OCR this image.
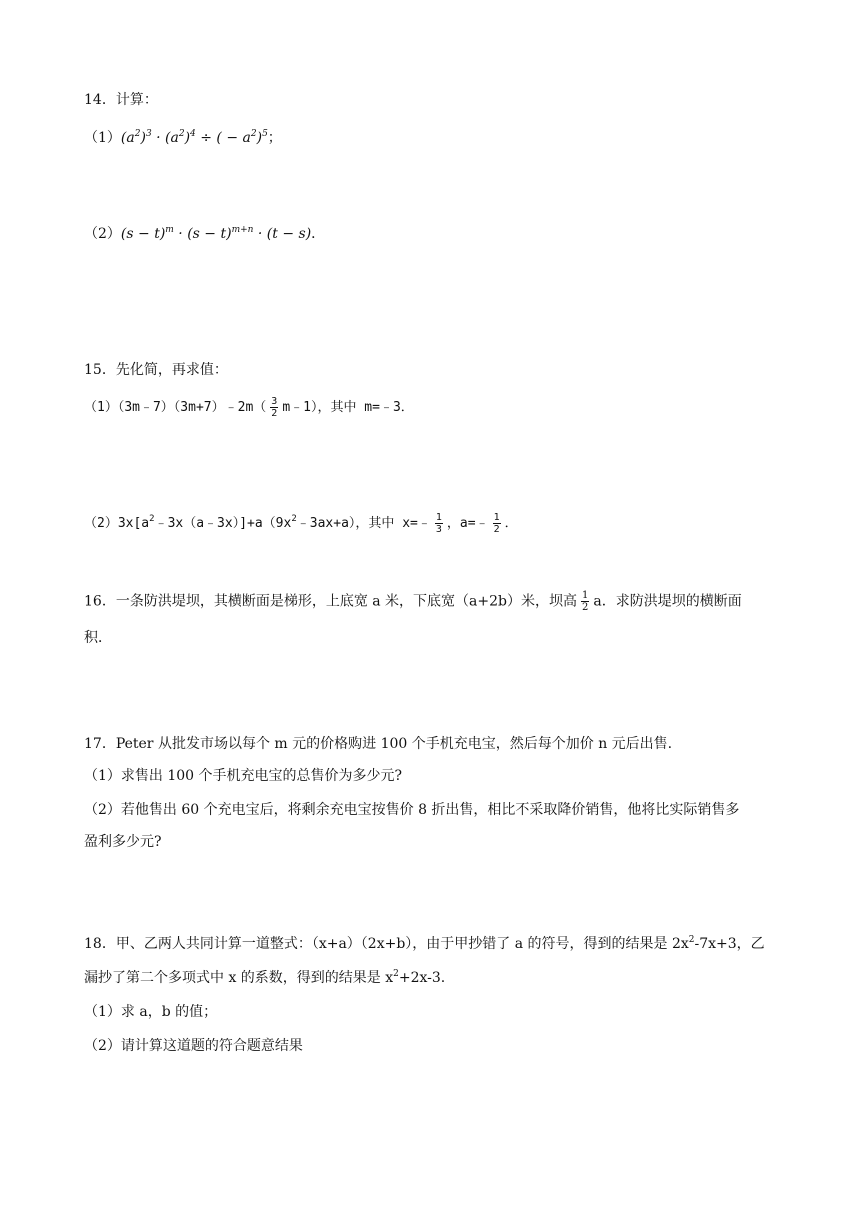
14．计算：
$(1)(a^2)^3 \cdot (a^2)^4$ ÷ ( − $a^2)^5$；
$(2)(s - t)^m \cdot (s - t)^{m+n} \cdot (t - s)$．
15．先化简，再求值：
（1）（3m﹣7）（3m+7）﹣2m（ $\frac{3}{2}$ m﹣1），其中 m=﹣3．
$(2)3x[a^2﹣3x(a﹣3x)]+a(9x^2﹣3ax+a)$，其中 x=﹣ $\frac{1}{3}$ ，a=﹣ $\frac{1}{2}$ ．
16．一条防洪堤坝，其横断面是梯形，上底宽 a 米，下底宽（a+2b）米，坝高 $\frac{1}{2}$ a．求防洪堤坝的横断面
积．
17．Peter 从批发市场以每个 m 元的价格购进 100 个手机充电宝，然后每个加价 n 元后出售.
（1）求售出 100 个手机充电宝的总售价为多少元?
（2）若他售出 60 个充电宝后，将剩余充电宝按售价 8 折出售，相比不采取降价销售，他将比实际销售多
盈利多少元?
18．甲、乙两人共同计算一道整式：（x+a）（2x+b），由于甲抄错了 a 的符号，得到的结果是 $2x^2-7x+3$，乙
漏抄了第二个多项式中 x 的系数，得到的结果是 $x^2+2x-3$.
（1）求 a，b 的值；
（2）请计算这道题的符合题意结果
